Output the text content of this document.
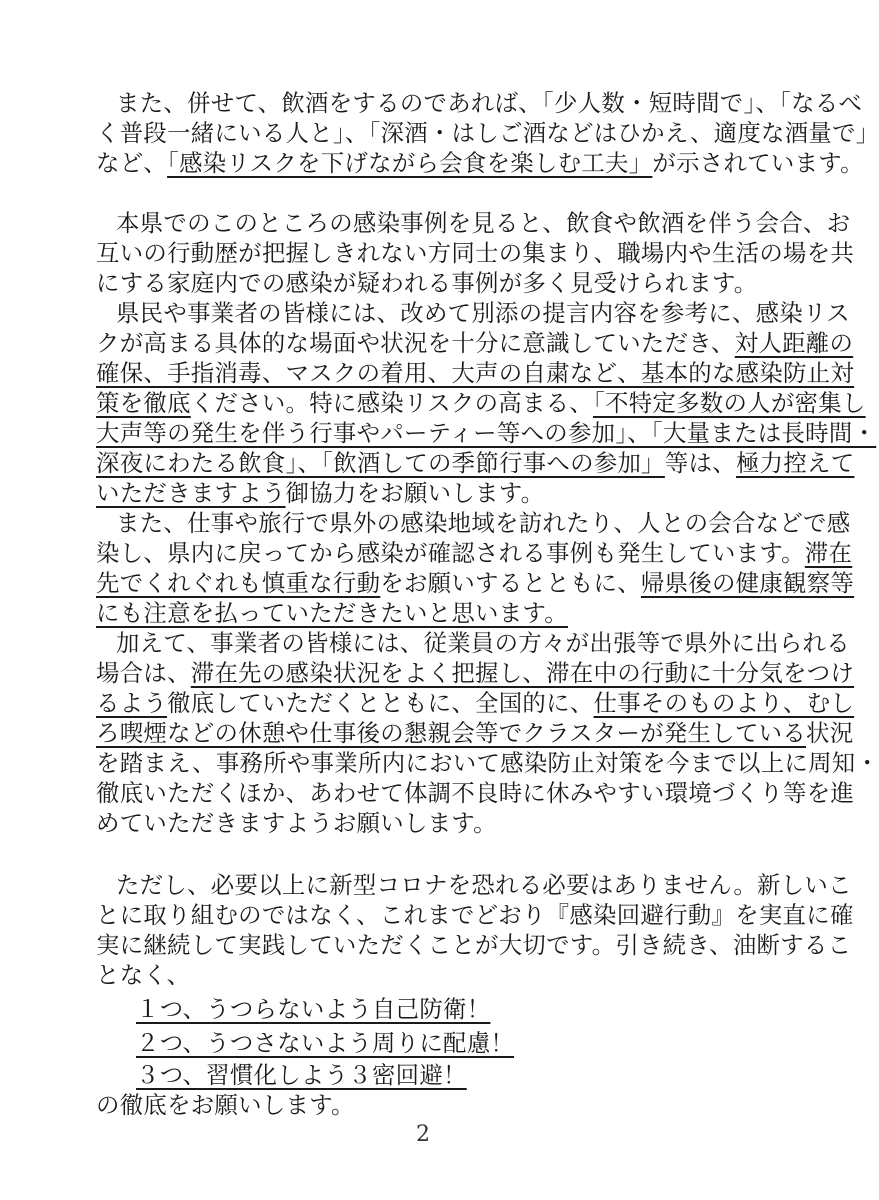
また、併せて、飲酒をするのであれば、「少人数・短時間で」、「なるべ
く普段一緒にいる人と」、「深酒・はしご酒などはひかえ、適度な酒量で」
など、「感染リスクを下げながら会食を楽しむ工夫」が示されています。
本県でのこのところの感染事例を見ると、飲食や飲酒を伴う会合、お
互いの行動歴が把握しきれない方同士の集まり、職場内や生活の場を共
にする家庭内での感染が疑われる事例が多く見受けられます。
県民や事業者の皆様には、改めて別添の提言内容を参考に、感染リス
クが高まる具体的な場面や状況を十分に意識していただき、対人距離の
確保、手指消毒、マスクの着用、大声の自粛など、基本的な感染防止対
策を徹底ください。特に感染リスクの高まる、「不特定多数の人が密集し
大声等の発生を伴う行事やパーティー等への参加」、「大量または長時間・
深夜にわたる飲食」、「飲酒しての季節行事への参加」等は、極力控えて
いただきますよう御協力をお願いします。
また、仕事や旅行で県外の感染地域を訪れたり、人との会合などで感
染し、県内に戻ってから感染が確認される事例も発生しています。滞在
先でくれぐれも慎重な行動をお願いするとともに、帰県後の健康観察等
にも注意を払っていただきたいと思います。
加えて、事業者の皆様には、従業員の方々が出張等で県外に出られる
場合は、滞在先の感染状況をよく把握し、滞在中の行動に十分気をつけ
るよう徹底していただくとともに、全国的に、仕事そのものより、むし
ろ喫煙などの休憩や仕事後の懇親会等でクラスターが発生している状況
を踏まえ、事務所や事業所内において感染防止対策を今まで以上に周知・
徹底いただくほか、あわせて体調不良時に休みやすい環境づくり等を進
めていただきますようお願いします。
ただし、必要以上に新型コロナを恐れる必要はありません。新しいこ
とに取り組むのではなく、これまでどおり『感染回避行動』を実直に確
実に継続して実践していただくことが大切です。引き続き、油断するこ
となく、
１つ、うつらないよう自己防衛！
２つ、うつさないよう周りに配慮！
３つ、習慣化しよう３密回避！
の徹底をお願いします。
2
